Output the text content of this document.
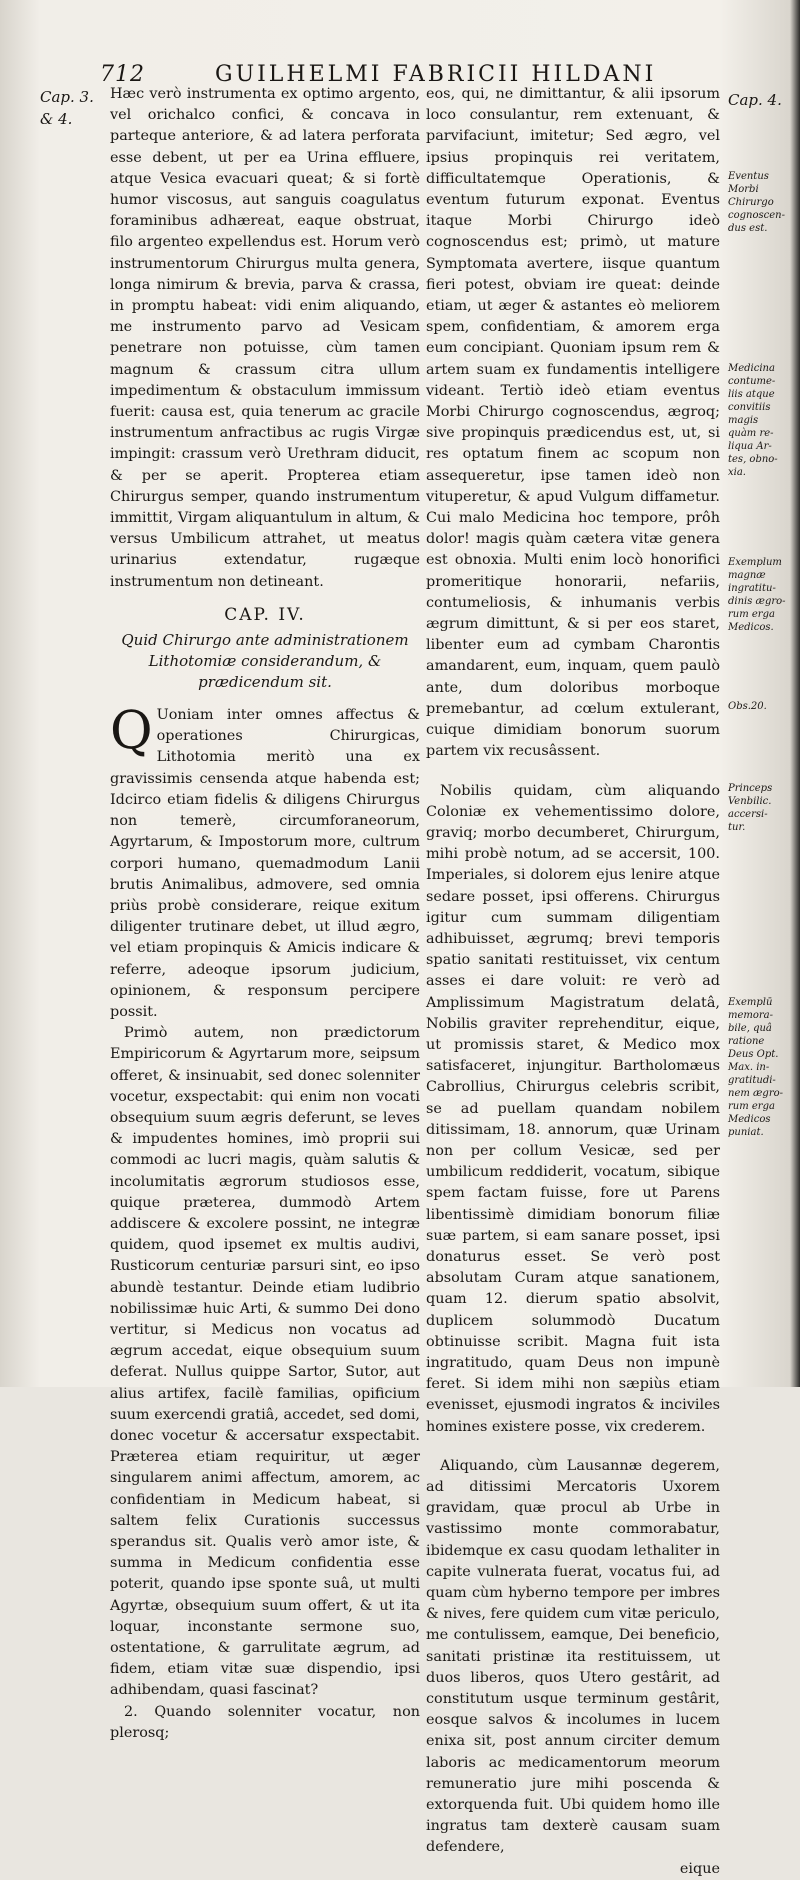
712	GUILHELMI FABRICII HILDANI
Cap. 3.
& 4.
Cap. 4.
Eventus
Morbi
Chirurgo
cognoscen-
dus est.
Medicina
contume-
liis atque
convitiis
magis
quàm re-
liqua Ar-
tes, obno-
xia.
Exemplum
magnæ
ingratitu-
dinis ægro-
rum erga
Medicos.
Obs.20.
Princeps
Venbilic.
accersi-
tur.
Exemplū
memora-
bile, quâ
ratione
Deus Opt.
Max. in-
gratitudi-
nem ægro-
rum erga
Medicos
puniat.

Hæc verò instrumenta ex optimo argento, vel orichalco confici, & concava in parteque anteriore, & ad latera perforata esse debent, ut per ea Urina effluere, atque Vesica evacuari queat; & si fortè humor viscosus, aut sanguis coagulatus foraminibus adhæreat, eaque obstruat, filo argenteo expellendus est. Horum verò instrumentorum Chirurgus multa genera, longa nimirum & brevia, parva & crassa, in promptu habeat: vidi enim aliquando, me instrumento parvo ad Vesicam penetrare non potuisse, cùm tamen magnum & crassum citra ullum impedimentum & obstaculum immissum fuerit: causa est, quia tenerum ac gracile instrumentum anfractibus ac rugis Virgæ impingit: crassum verò Urethram diducit, & per se aperit. Propterea etiam Chirurgus semper, quando instrumentum immittit, Virgam aliquantulum in altum, & versus Umbilicum attrahet, ut meatus urinarius extendatur, rugæque instrumentum non detineant.

CAP. IV.

Quid Chirurgo ante administrationem Lithotomiæ considerandum, & prædicendum sit.

Q Uoniam inter omnes affectus & operationes Chirurgicas, Lithotomia meritò una ex gravissimis censenda atque habenda est; Idcirco etiam fidelis & diligens Chirurgus non temerè, circumforaneorum, Agyrtarum, & Impostorum more, cultrum corpori humano, quemadmodum Lanii brutis Animalibus, admovere, sed omnia priùs probè considerare, reique exitum diligenter trutinare debet, ut illud ægro, vel etiam propinquis & Amicis indicare & referre, adeoque ipsorum judicium, opinionem, & responsum percipere possit.

Primò autem, non prædictorum Empiricorum & Agyrtarum more, seipsum offeret, & insinuabit, sed donec solenniter vocetur, exspectabit: qui enim non vocati obsequium suum ægris deferunt, se leves & impudentes homines, imò proprii sui commodi ac lucri magis, quàm salutis & incolumitatis ægrorum studiosos esse, quique præterea, dummodò Artem addiscere & excolere possint, ne integræ quidem, quod ipsemet ex multis audivi, Rusticorum centuriæ parsuri sint, eo ipso abundè testantur. Deinde etiam ludibrio nobilissimæ huic Arti, & summo Dei dono vertitur, si Medicus non vocatus ad ægrum accedat, eique obsequium suum deferat. Nullus quippe Sartor, Sutor, aut alius artifex, facilè familias, opificium suum exercendi gratiâ, accedet, sed domi, donec vocetur & accersatur exspectabit. Præterea etiam requiritur, ut æger singularem animi affectum, amorem, ac confidentiam in Medicum habeat, si saltem felix Curationis successus sperandus sit. Qualis verò amor iste, & summa in Medicum confidentia esse poterit, quando ipse sponte suâ, ut multi Agyrtæ, obsequium suum offert, & ut ita loquar, inconstante sermone suo, ostentatione, & garrulitate ægrum, ad fidem, etiam vitæ suæ dispendio, ipsi adhibendam, quasi fascinat?

2. Quando solenniter vocatur, non plerosq;

eos, qui, ne dimittantur, & alii ipsorum loco consulantur, rem extenuant, & parvifaciunt, imitetur; Sed ægro, vel ipsius propinquis rei veritatem, difficultatemque Operationis, & eventum futurum exponat. Eventus itaque Morbi Chirurgo ideò cognoscendus est; primò, ut mature Symptomata avertere, iisque quantum fieri potest, obviam ire queat: deinde etiam, ut æger & astantes eò meliorem spem, confidentiam, & amorem erga eum concipiant. Quoniam ipsum rem & artem suam ex fundamentis intelligere videant. Tertiò ideò etiam eventus Morbi Chirurgo cognoscendus, ægroq; sive propinquis prædicendus est, ut, si res optatum finem ac scopum non assequeretur, ipse tamen ideò non vituperetur, & apud Vulgum diffametur. Cui malo Medicina hoc tempore, prôh dolor! magis quàm cætera vitæ genera est obnoxia. Multi enim locò honorifici promeritique honorarii, nefariis, contumeliosis, & inhumanis verbis ægrum dimittunt, & si per eos staret, libenter eum ad cymbam Charontis amandarent, eum, inquam, quem paulò ante, dum doloribus morboque premebantur, ad cœlum extulerant, cuique dimidiam bonorum suorum partem vix recusâssent.

Nobilis quidam, cùm aliquando Coloniæ ex vehementissimo dolore, graviq; morbo decumberet, Chirurgum, mihi probè notum, ad se accersit, 100. Imperiales, si dolorem ejus lenire atque sedare posset, ipsi offerens. Chirurgus igitur cum summam diligentiam adhibuisset, ægrumq; brevi temporis spatio sanitati restituisset, vix centum asses ei dare voluit: re verò ad Amplissimum Magistratum delatâ, Nobilis graviter reprehenditur, eique, ut promissis staret, & Medico mox satisfaceret, injungitur. Bartholomæus Cabrollius, Chirurgus celebris scribit, se ad puellam quandam nobilem ditissimam, 18. annorum, quæ Urinam non per collum Vesicæ, sed per umbilicum reddiderit, vocatum, sibique spem factam fuisse, fore ut Parens libentissimè dimidiam bonorum filiæ suæ partem, si eam sanare posset, ipsi donaturus esset. Se verò post absolutam Curam atque sanationem, quam 12. dierum spatio absolvit, duplicem solummodò Ducatum obtinuisse scribit. Magna fuit ista ingratitudo, quam Deus non impunè feret. Si idem mihi non sæpiùs etiam evenisset, ejusmodi ingratos & inciviles homines existere posse, vix crederem.

Aliquando, cùm Lausannæ degerem, ad ditissimi Mercatoris Uxorem gravidam, quæ procul ab Urbe in vastissimo monte commorabatur, ibidemque ex casu quodam lethaliter in capite vulnerata fuerat, vocatus fui, ad quam cùm hyberno tempore per imbres & nives, fere quidem cum vitæ periculo, me contulissem, eamque, Dei beneficio, sanitati pristinæ ita restituissem, ut duos liberos, quos Utero gestârit, ad constitutum usque terminum gestârit, eosque salvos & incolumes in lucem enixa sit, post annum circiter demum laboris ac medicamentorum meorum remuneratio jure mihi poscenda & extorquenda fuit. Ubi quidem homo ille ingratus tam dexterè causam suam defendere,

eique
